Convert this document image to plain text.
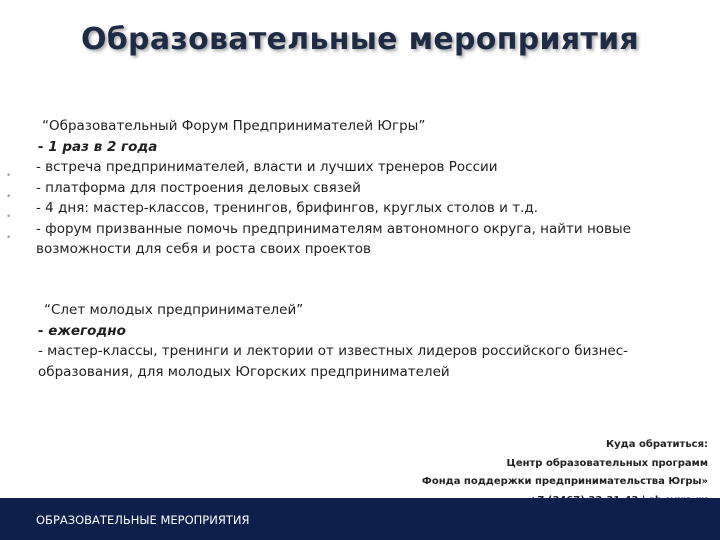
Образовательные мероприятия
•
•
•
•
“Образовательный Форум Предпринимателей Югры”
- 1 раз в 2 года
- встреча предпринимателей, власти и лучших тренеров России
- платформа для построения деловых связей
- 4 дня: мастер-классов, тренингов, брифингов, круглых столов и т.д.
- форум призванные помочь предпринимателям автономного округа, найти новые
возможности для себя и роста своих проектов
“Слет молодых предпринимателей”
- ежегодно
- мастер-классы, тренинги и лектории от известных лидеров российского бизнес-
образования, для молодых Югорских предпринимателей
Куда обратиться:
Центр образовательных программ
Фонда поддержки предпринимательства Югры»
ОБРАЗОВАТЕЛЬНЫЕ МЕРОПРИЯТИЯ
